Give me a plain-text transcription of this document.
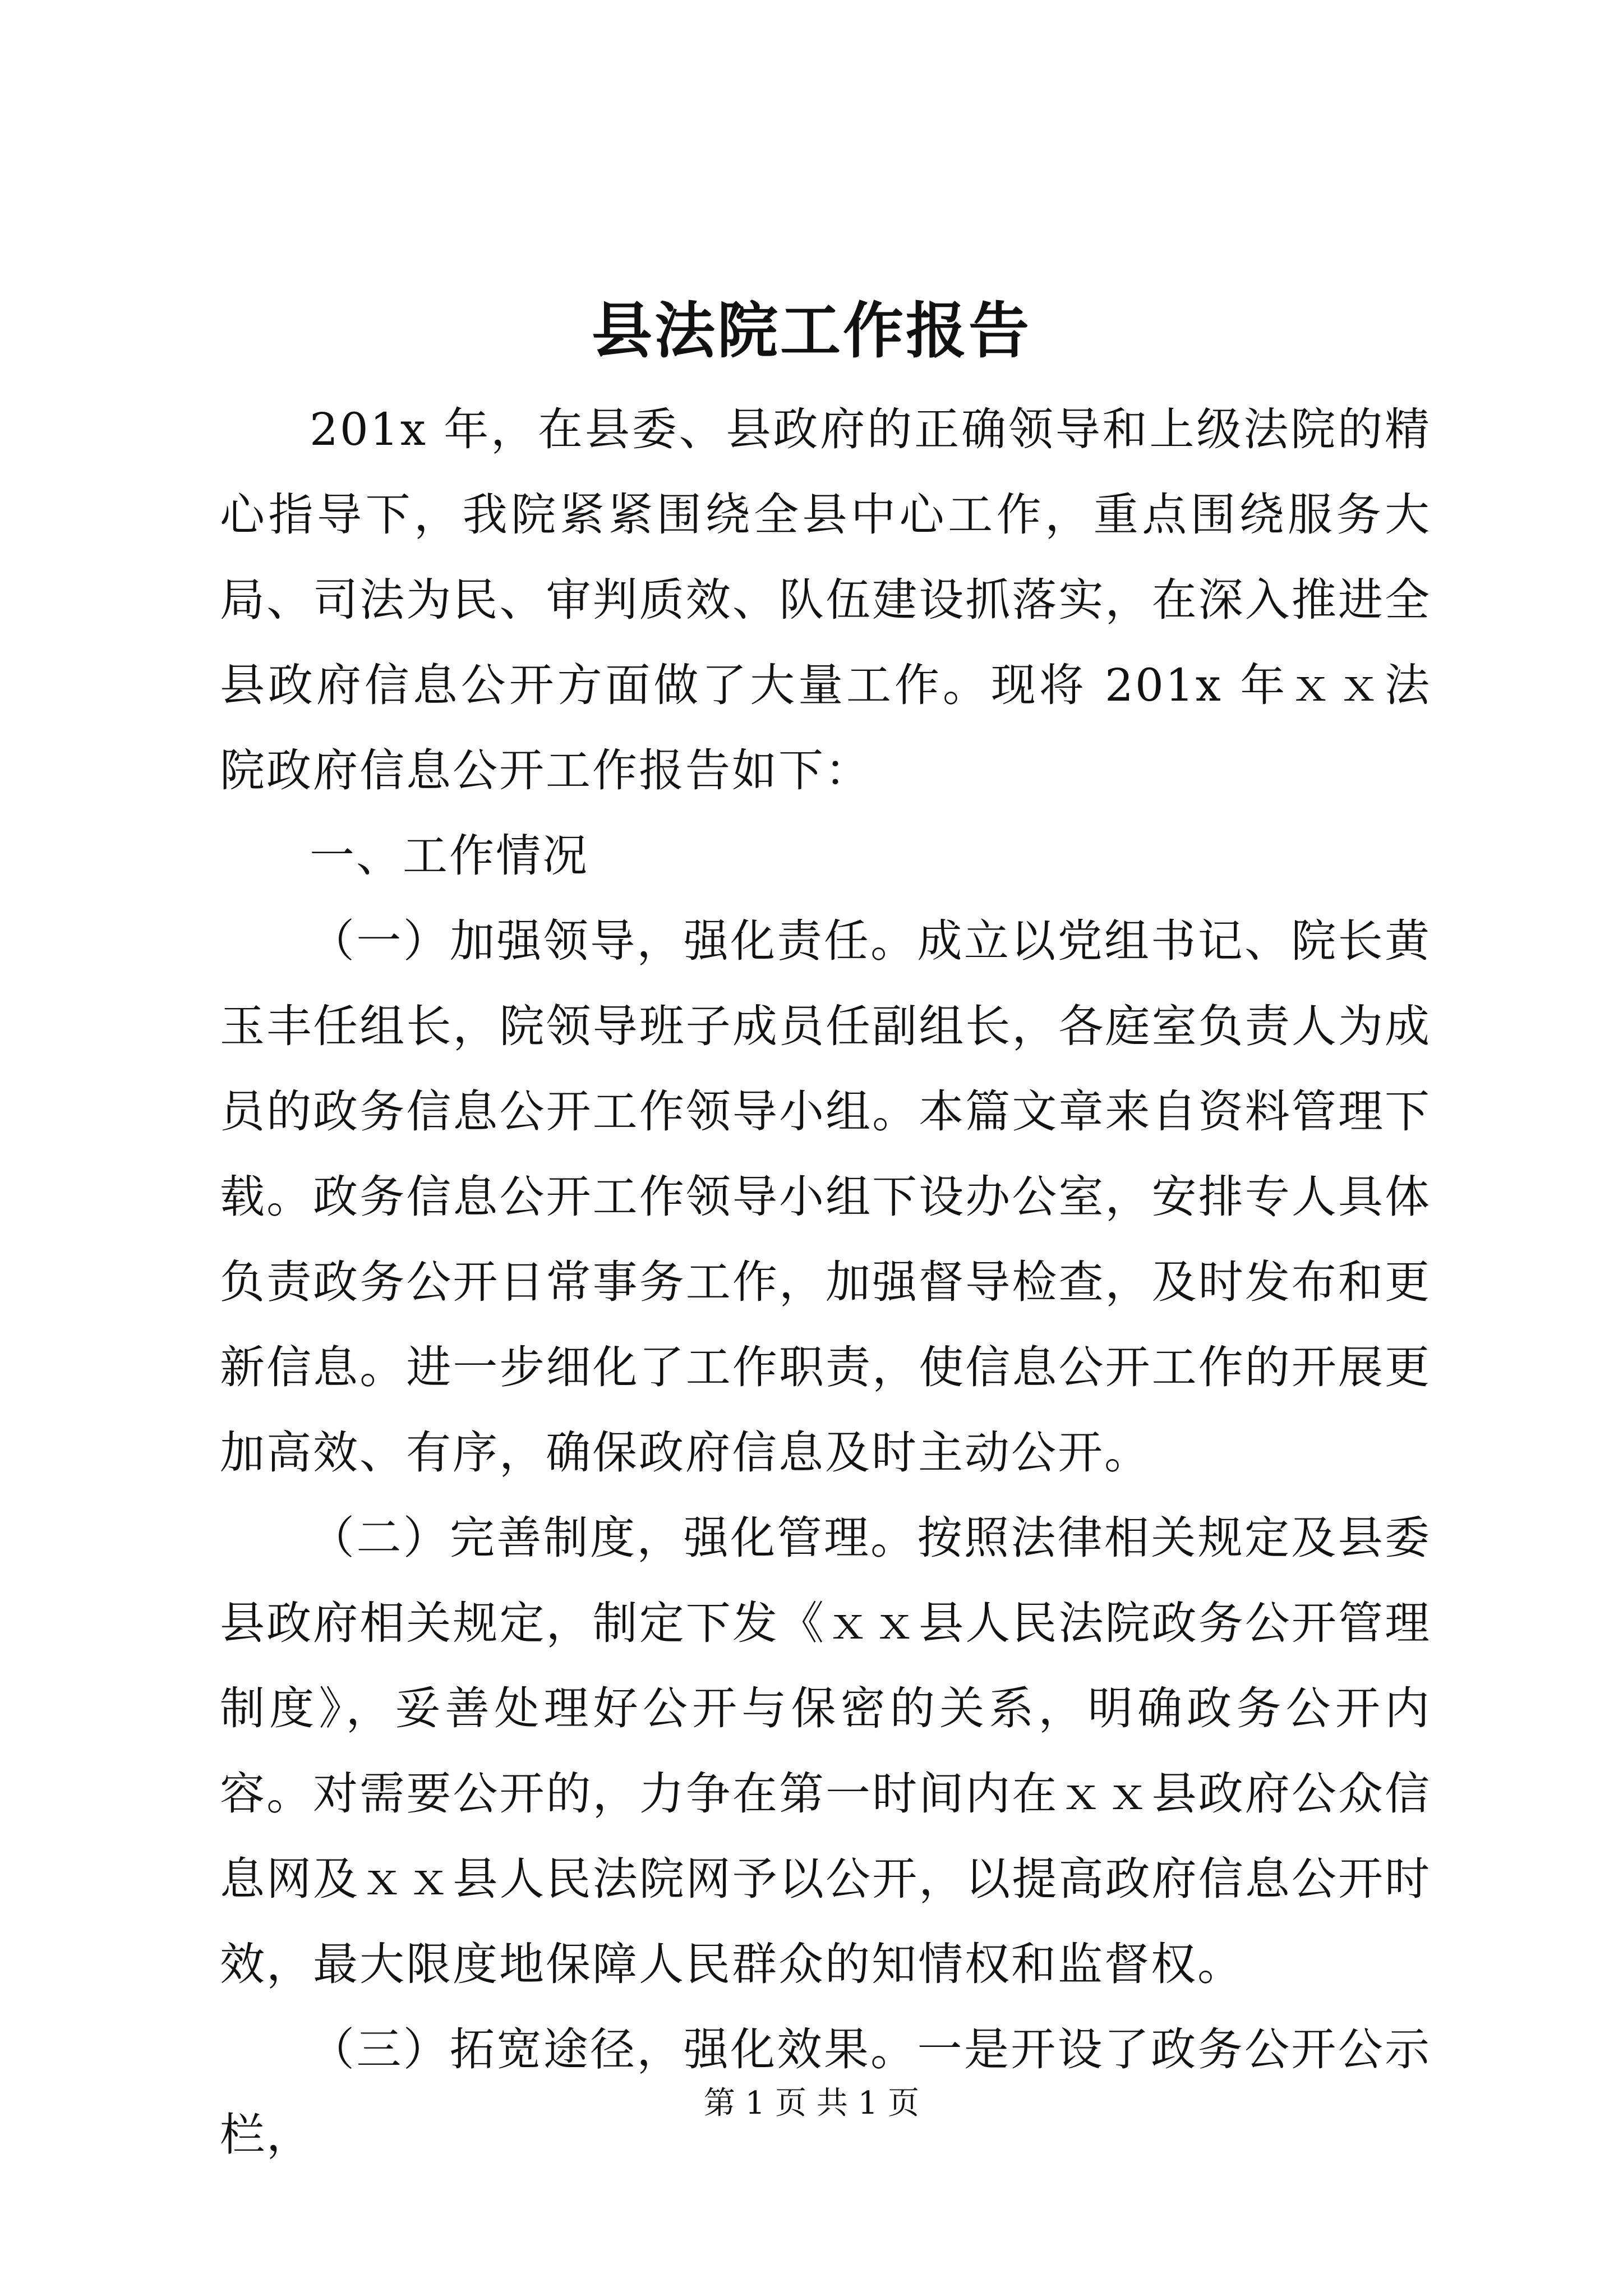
县法院工作报告

201x 年，在县委、县政府的正确领导和上级法院的精心指导下，我院紧紧围绕全县中心工作，重点围绕服务大局、司法为民、审判质效、队伍建设抓落实，在深入推进全县政府信息公开方面做了大量工作。现将 201x 年ｘｘ法院政府信息公开工作报告如下：

一、工作情况

（一）加强领导，强化责任。成立以党组书记、院长黄玉丰任组长，院领导班子成员任副组长，各庭室负责人为成员的政务信息公开工作领导小组。本篇文章来自资料管理下载。政务信息公开工作领导小组下设办公室，安排专人具体负责政务公开日常事务工作，加强督导检查，及时发布和更新信息。进一步细化了工作职责，使信息公开工作的开展更加高效、有序，确保政府信息及时主动公开。

（二）完善制度，强化管理。按照法律相关规定及县委县政府相关规定，制定下发《ｘｘ县人民法院政务公开管理制度》，妥善处理好公开与保密的关系，明确政务公开内容。对需要公开的，力争在第一时间内在ｘｘ县政府公众信息网及ｘｘ县人民法院网予以公开，以提高政府信息公开时效，最大限度地保障人民群众的知情权和监督权。

（三）拓宽途径，强化效果。一是开设了政务公开公示栏，

第 1 页 共 1 页
